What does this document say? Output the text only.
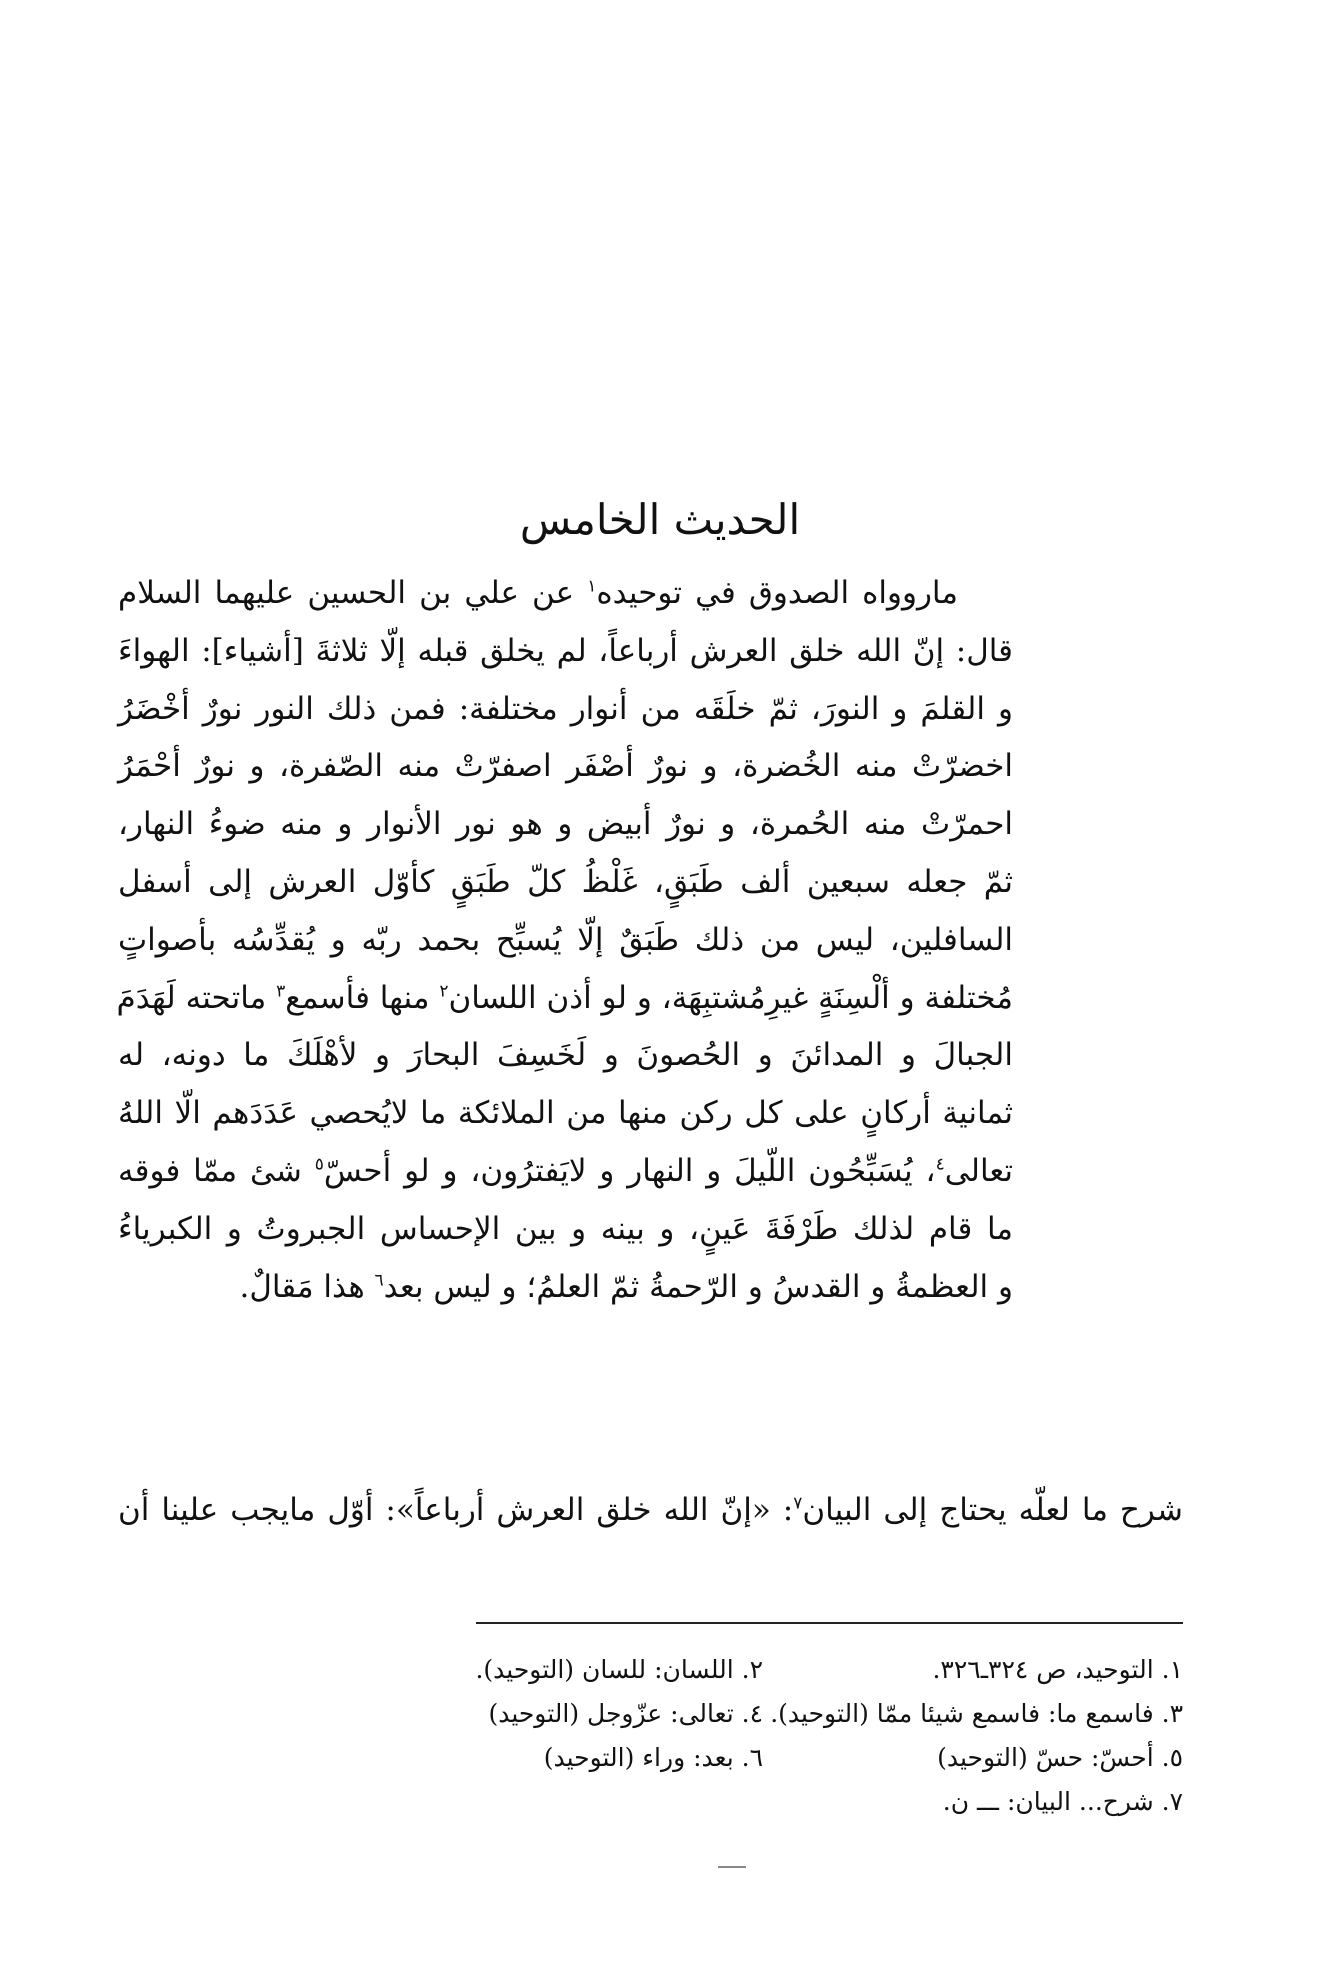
الحديث الخامس
ماروواه الصدوق في توحيده$^١$ عن علي بن الحسين عليهما السلام
قال: إنّ الله خلق العرش أرباعاً، لم يخلق قبله إلّا ثلاثةَ [أشياء]: الهواءَ
و القلمَ و النورَ، ثمّ خلَقَه من أنوار مختلفة: فمن ذلك النور نورٌ أخْضَرُ
اخضرّتْ منه الخُضرة، و نورٌ أصْفَر اصفرّتْ منه الصّفرة، و نورٌ أحْمَرُ
احمرّتْ منه الحُمرة، و نورٌ أبيض و هو نور الأنوار و منه ضوءُ النهار،
ثمّ جعله سبعين ألف طَبَقٍ، غَلْظُ كلّ طَبَقٍ كأوّل العرش إلى أسفل
السافلين، ليس من ذلك طَبَقٌ إلّا يُسبِّح بحمد ربّه و يُقدِّسُه بأصواتٍ
مُختلفة و ألْسِنَةٍ غيرِمُشتبِهَة، و لو أذن اللسان$^٢$ منها فأسمع$^٣$ ماتحته لَهَدَمَ
الجبالَ و المدائنَ و الحُصونَ و لَخَسِفَ البحارَ و لأهْلَكَ ما دونه، له
ثمانية أركانٍ على كل ركن منها من الملائكة ما لايُحصي عَدَدَهم الّا اللهُ
تعالى$^٤$، يُسَبِّحُون اللّيلَ و النهار و لايَفترُون، و لو أحسّ$^٥$ شئ ممّا فوقه
ما قام لذلك طَرْفَةَ عَينٍ، و بينه و بين الإحساس الجبروتُ و الكبرياءُ
و العظمةُ و القدسُ و الرّحمةُ ثمّ العلمُ؛ و ليس بعد$^٦$ هذا مَقالٌ.
شرح ما لعلّه يحتاج إلى البيان$^٧$: «إنّ الله خلق العرش أرباعاً»: أوّل مايجب علينا أن
١. التوحيد، ص ٣٢٤ـ٣٢٦.
٢. اللسان: للسان (التوحيد).
٣. فاسمع ما: فاسمع شيئا ممّا (التوحيد).
٤. تعالى: عزّوجل (التوحيد)
٥. أحسّ: حسّ (التوحيد)
٦. بعد: وراء (التوحيد)
٧. شرح... البيان: ـــ ن.
